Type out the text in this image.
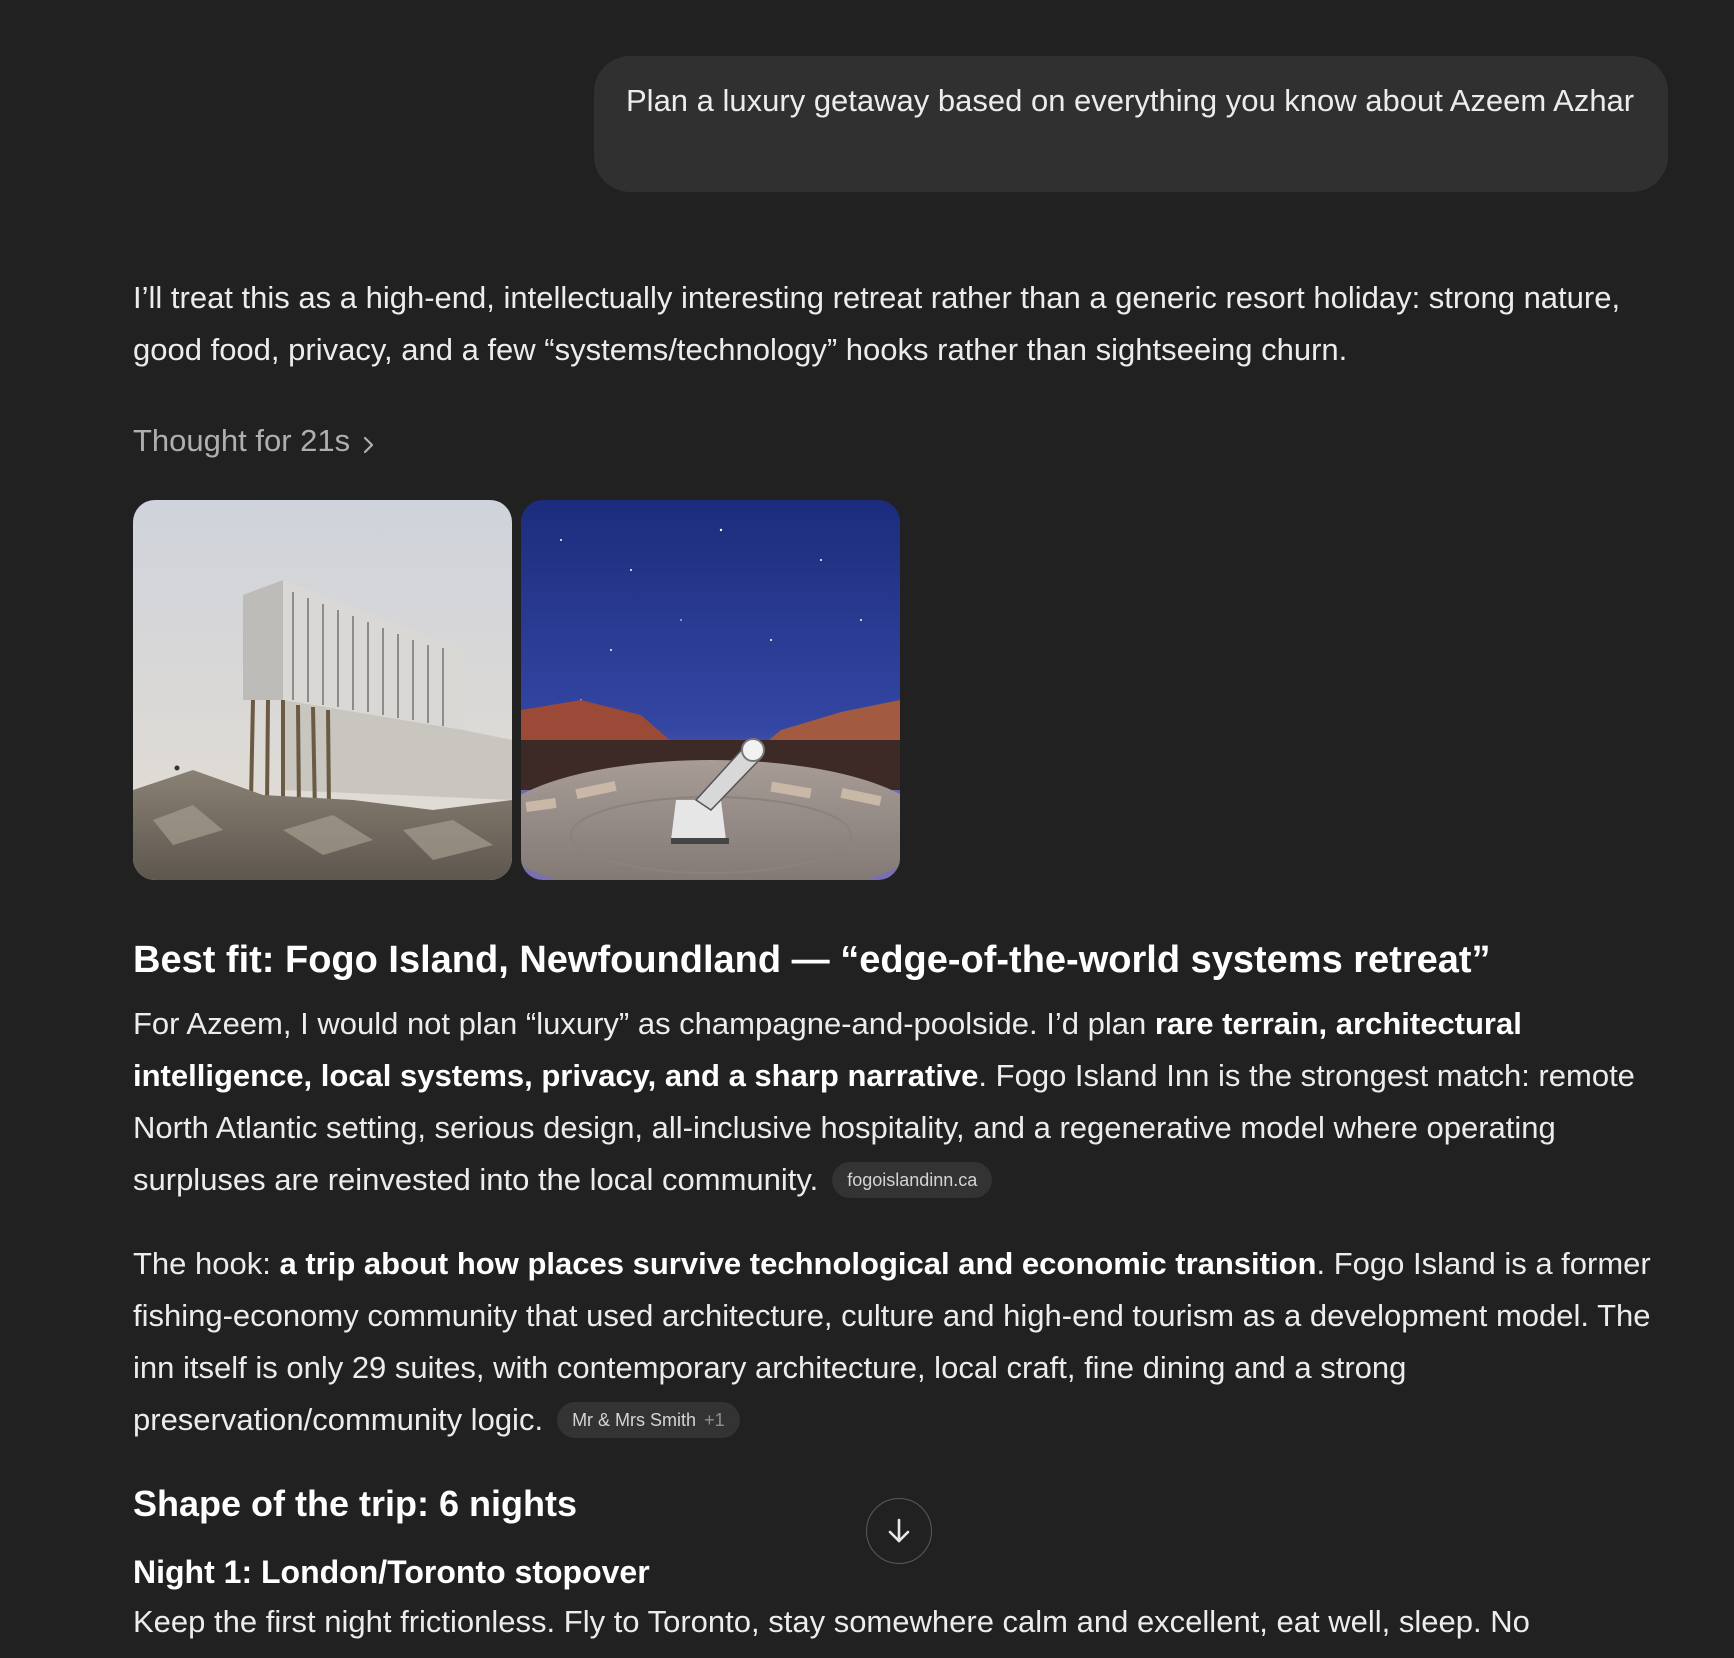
Plan a luxury getaway based on everything you know about Azeem Azhar

I’ll treat this as a high-end, intellectually interesting retreat rather than a generic resort holiday: strong nature, good food, privacy, and a few “systems/technology” hooks rather than sightseeing churn.

Thought for 21s
Best fit: Fogo Island, Newfoundland — “edge-of-the-world systems retreat”

For Azeem, I would not plan “luxury” as champagne-and-poolside. I’d plan rare terrain, architectural intelligence, local systems, privacy, and a sharp narrative. Fogo Island Inn is the strongest match: remote North Atlantic setting, serious design, all-inclusive hospitality, and a regenerative model where operating surpluses are reinvested into the local community. fogoislandinn.ca

The hook: a trip about how places survive technological and economic transition. Fogo Island is a former fishing-economy community that used architecture, culture and high-end tourism as a development model. The inn itself is only 29 suites, with contemporary architecture, local craft, fine dining and a strong preservation/community logic. Mr & Mrs Smith +1

Shape of the trip: 6 nights
Night 1: London/Toronto stopover

Keep the first night frictionless. Fly to Toronto, stay somewhere calm and excellent, eat well, sleep. No
